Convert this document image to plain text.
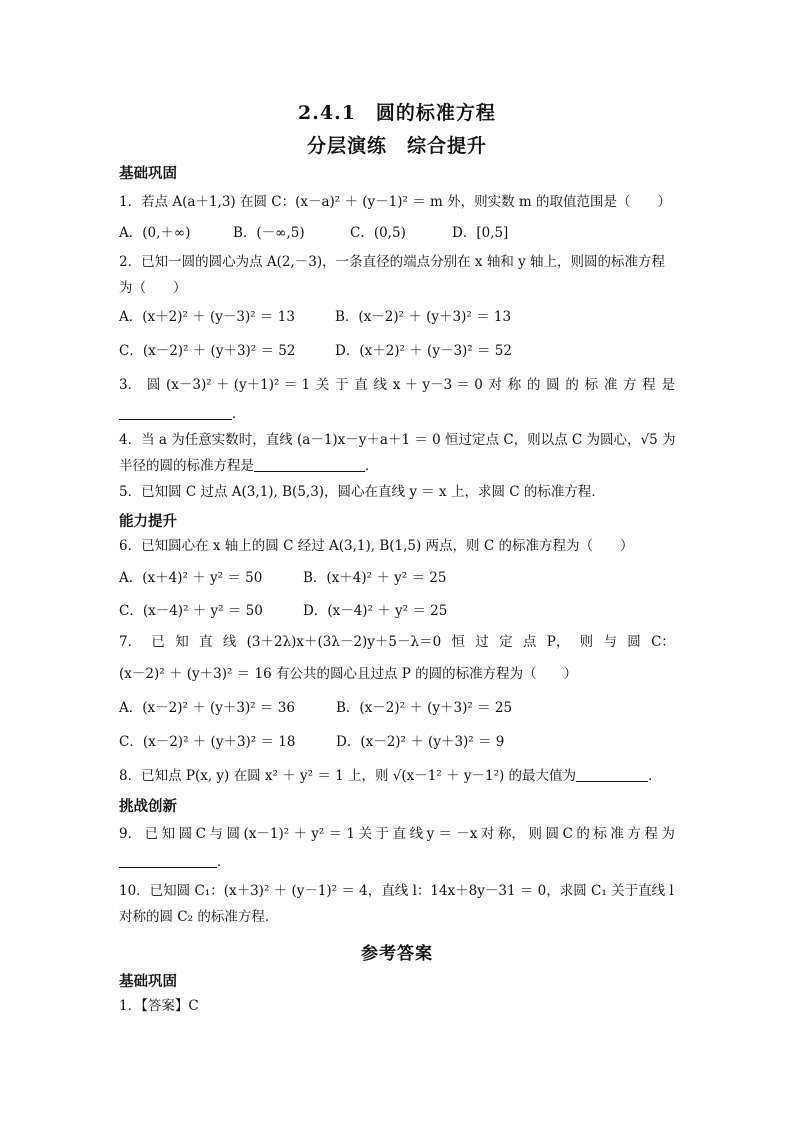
2.4.1　圆的标准方程
分层演练　综合提升
基础巩固
1．若点 A(a＋1,3) 在圆 C：(x－a)² ＋ (y－1)² ＝ m 外，则实数 m 的取值范围是（　　）
A．(0,＋∞)	B．(－∞,5)	C．(0,5)	D．[0,5]
2．已知一圆的圆心为点 A(2,－3)，一条直径的端点分别在 x 轴和 y 轴上，则圆的标准方程
为（　　）
A．(x＋2)² ＋ (y－3)² ＝ 13	B．(x－2)² ＋ (y＋3)² ＝ 13
C．(x－2)² ＋ (y＋3)² ＝ 52	D．(x＋2)² ＋ (y－3)² ＝ 52
3． 圆 (x－3)² ＋ (y＋1)² ＝ 1 关 于 直 线 x ＋ y－3 ＝ 0 对 称 的 圆 的 标 准 方 程 是
．
4．当 a 为任意实数时，直线 (a－1)x－y＋a＋1 ＝ 0 恒过定点 C，则以点 C 为圆心，√5 为
半径的圆的标准方程是	．
5．已知圆 C 过点 A(3,1), B(5,3)，圆心在直线 y ＝ x 上，求圆 C 的标准方程．
能力提升
6．已知圆心在 x 轴上的圆 C 经过 A(3,1), B(1,5) 两点，则 C 的标准方程为（　　）
A．(x＋4)² ＋ y² ＝ 50	B．(x＋4)² ＋ y² ＝ 25
C．(x－4)² ＋ y² ＝ 50	D．(x－4)² ＋ y² ＝ 25
7． 已 知 直 线 (3＋2λ)x＋(3λ－2)y＋5－λ＝0 恒 过 定 点 P， 则 与 圆 C：
(x－2)² ＋ (y＋3)² ＝ 16 有公共的圆心且过点 P 的圆的标准方程为（　　）
A．(x－2)² ＋ (y＋3)² ＝ 36	B．(x－2)² ＋ (y＋3)² ＝ 25
C．(x－2)² ＋ (y＋3)² ＝ 18	D．(x－2)² ＋ (y＋3)² ＝ 9
8．已知点 P(x, y) 在圆 x² ＋ y² ＝ 1 上，则 √(x－1² ＋ y－1²) 的最大值为	．
挑战创新
9． 已 知 圆 C 与 圆 (x－1)² ＋ y² ＝ 1 关 于 直 线 y ＝ －x 对 称， 则 圆 C 的 标 准 方 程 为
．
10．已知圆 C₁：(x＋3)² ＋ (y－1)² ＝ 4，直线 l：14x＋8y－31 ＝ 0，求圆 C₁ 关于直线 l
对称的圆 C₂ 的标准方程．
参考答案
基础巩固
1．【答案】C
